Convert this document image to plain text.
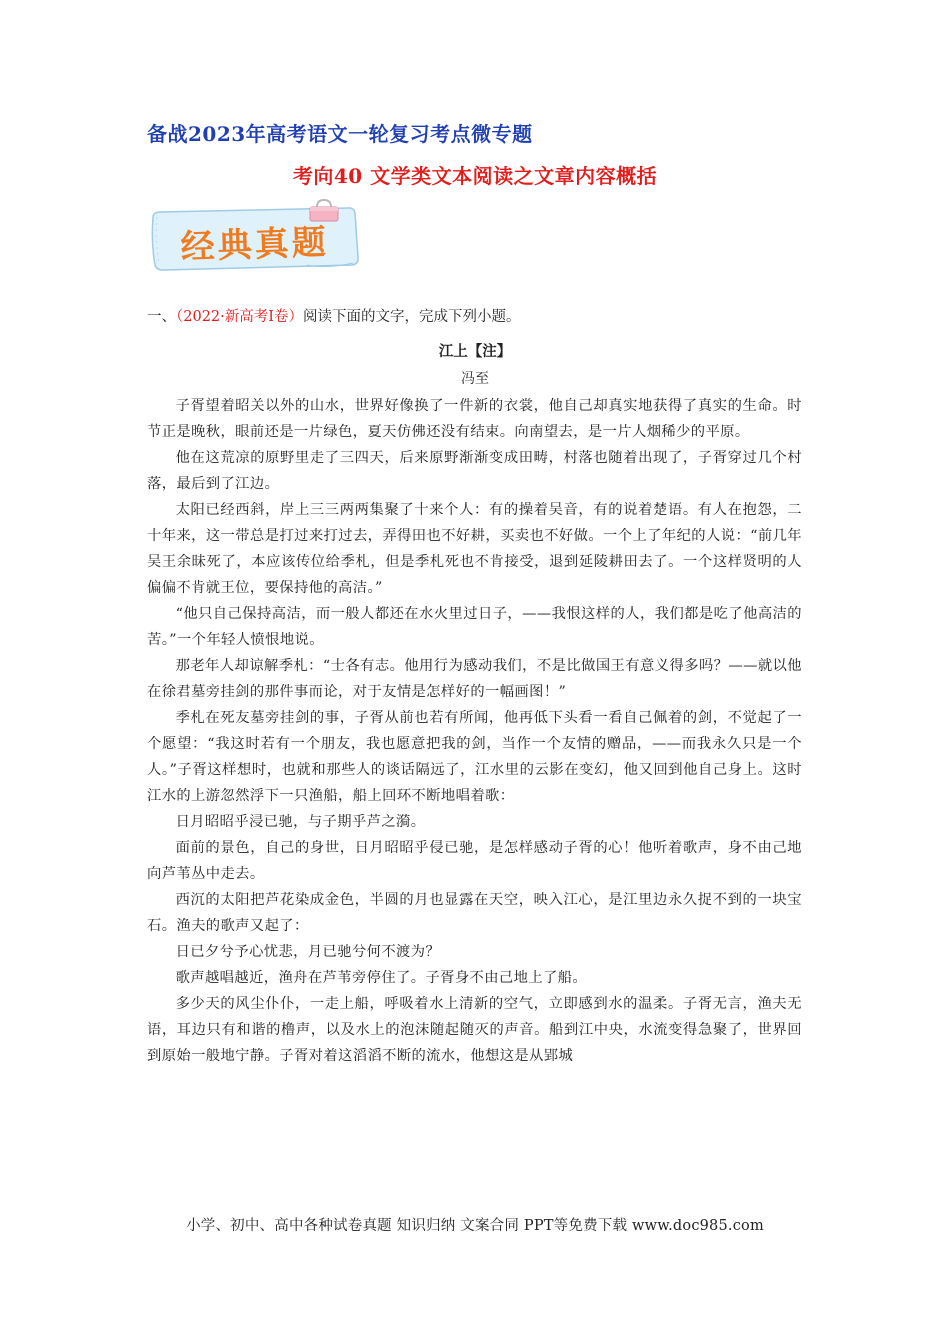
备战2023年高考语文一轮复习考点微专题
考向40 文学类文本阅读之文章内容概括
经典真题
一、（2022·新高考I卷）阅读下面的文字，完成下列小题。
江上【注】
冯至

子胥望着昭关以外的山水，世界好像换了一件新的衣裳，他自己却真实地获得了真实的生命。时节正是晚秋，眼前还是一片绿色，夏天仿佛还没有结束。向南望去，是一片人烟稀少的平原。

他在这荒凉的原野里走了三四天，后来原野渐渐变成田畴，村落也随着出现了，子胥穿过几个村落，最后到了江边。

太阳已经西斜，岸上三三两两集聚了十来个人：有的操着吴音，有的说着楚语。有人在抱怨，二十年来，这一带总是打过来打过去，弄得田也不好耕，买卖也不好做。一个上了年纪的人说：“前几年吴王余昧死了，本应该传位给季札，但是季札死也不肯接受，退到延陵耕田去了。一个这样贤明的人偏偏不肯就王位，要保持他的高洁。”

“他只自己保持高洁，而一般人都还在水火里过日子，——我恨这样的人，我们都是吃了他高洁的苦。”一个年轻人愤恨地说。

那老年人却谅解季札：“士各有志。他用行为感动我们，不是比做国王有意义得多吗？——就以他在徐君墓旁挂剑的那件事而论，对于友情是怎样好的一幅画图！”

季札在死友墓旁挂剑的事，子胥从前也若有所闻，他再低下头看一看自己佩着的剑，不觉起了一个愿望：“我这时若有一个朋友，我也愿意把我的剑，当作一个友情的赠品，——而我永久只是一个人。”子胥这样想时，也就和那些人的谈话隔远了，江水里的云影在变幻，他又回到他自己身上。这时江水的上游忽然浮下一只渔船，船上回环不断地唱着歌：

日月昭昭乎浸已驰，与子期乎芦之漪。

面前的景色，自己的身世，日月昭昭乎侵已驰，是怎样感动子胥的心！他听着歌声，身不由己地向芦苇丛中走去。

西沉的太阳把芦花染成金色，半圆的月也显露在天空，映入江心，是江里边永久捉不到的一块宝石。渔夫的歌声又起了：

日已夕兮予心忧悲，月已驰兮何不渡为？

歌声越唱越近，渔舟在芦苇旁停住了。子胥身不由己地上了船。

多少天的风尘仆仆，一走上船，呼吸着水上清新的空气，立即感到水的温柔。子胥无言，渔夫无语，耳边只有和谐的橹声，以及水上的泡沫随起随灭的声音。船到江中央，水流变得急聚了，世界回到原始一般地宁静。子胥对着这滔滔不断的流水，他想这是从郢城

小学、初中、高中各种试卷真题 知识归纳 文案合同 PPT等免费下载 www.doc985.com
